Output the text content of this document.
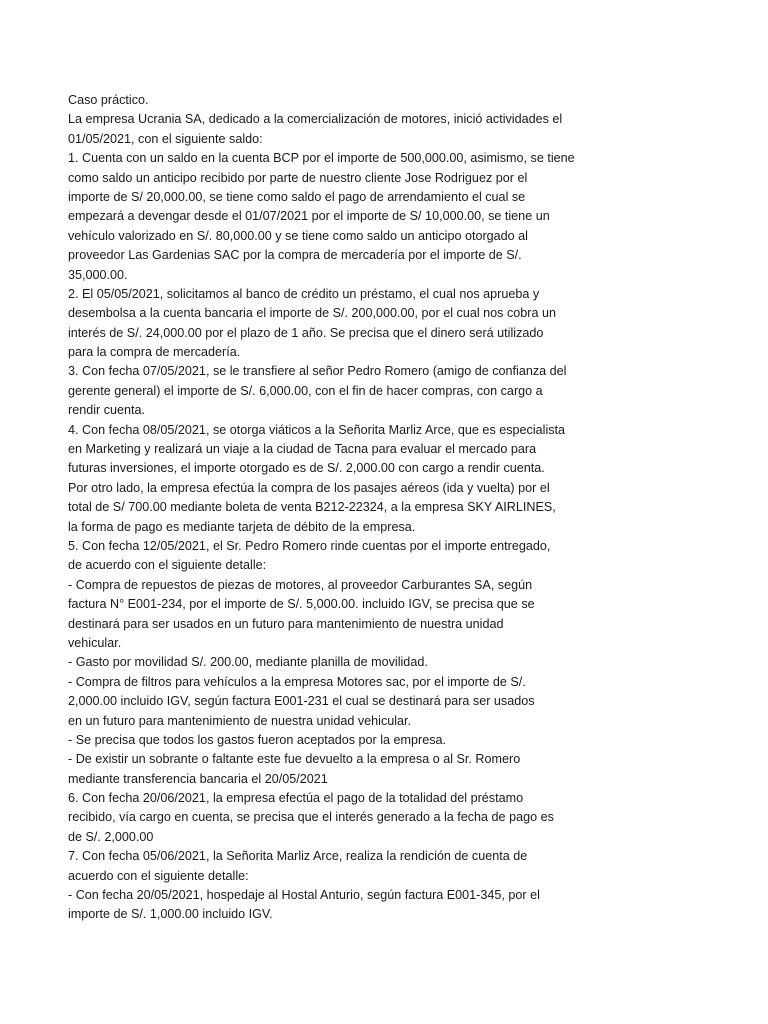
Caso práctico.
La empresa Ucrania SA, dedicado a la comercialización de motores, inició actividades el
01/05/2021, con el siguiente saldo:
1. Cuenta con un saldo en la cuenta BCP por el importe de 500,000.00, asimismo, se tiene
como saldo un anticipo recibido por parte de nuestro cliente Jose Rodriguez por el
importe de S/ 20,000.00, se tiene como saldo el pago de arrendamiento el cual se
empezará a devengar desde el 01/07/2021 por el importe de S/ 10,000.00, se tiene un
vehículo valorizado en S/. 80,000.00 y se tiene como saldo un anticipo otorgado al
proveedor Las Gardenias SAC por la compra de mercadería por el importe de S/.
35,000.00.
2. El 05/05/2021, solicitamos al banco de crédito un préstamo, el cual nos aprueba y
desembolsa a la cuenta bancaria el importe de S/. 200,000.00, por el cual nos cobra un
interés de S/. 24,000.00 por el plazo de 1 año. Se precisa que el dinero será utilizado
para la compra de mercadería.
3. Con fecha 07/05/2021, se le transfiere al señor Pedro Romero (amigo de confianza del
gerente general) el importe de S/. 6,000.00, con el fin de hacer compras, con cargo a
rendir cuenta.
4. Con fecha 08/05/2021, se otorga viáticos a la Señorita Marliz Arce, que es especialista
en Marketing y realizará un viaje a la ciudad de Tacna para evaluar el mercado para
futuras inversiones, el importe otorgado es de S/. 2,000.00 con cargo a rendir cuenta.
Por otro lado, la empresa efectúa la compra de los pasajes aéreos (ida y vuelta) por el
total de S/ 700.00 mediante boleta de venta B212-22324, a la empresa SKY AIRLINES,
la forma de pago es mediante tarjeta de débito de la empresa.
5. Con fecha 12/05/2021, el Sr. Pedro Romero rinde cuentas por el importe entregado,
de acuerdo con el siguiente detalle:
- Compra de repuestos de piezas de motores, al proveedor Carburantes SA, según
factura N° E001-234, por el importe de S/. 5,000.00. incluido IGV, se precisa que se
destinará para ser usados en un futuro para mantenimiento de nuestra unidad
vehicular.
- Gasto por movilidad S/. 200.00, mediante planilla de movilidad.
- Compra de filtros para vehículos a la empresa Motores sac, por el importe de S/.
2,000.00 incluido IGV, según factura E001-231 el cual se destinará para ser usados
en un futuro para mantenimiento de nuestra unidad vehicular.
- Se precisa que todos los gastos fueron aceptados por la empresa.
- De existir un sobrante o faltante este fue devuelto a la empresa o al Sr. Romero
mediante transferencia bancaria el 20/05/2021
6. Con fecha 20/06/2021, la empresa efectúa el pago de la totalidad del préstamo
recibido, vía cargo en cuenta, se precisa que el interés generado a la fecha de pago es
de S/. 2,000.00
7. Con fecha 05/06/2021, la Señorita Marliz Arce, realiza la rendición de cuenta de
acuerdo con el siguiente detalle:
- Con fecha 20/05/2021, hospedaje al Hostal Anturio, según factura E001-345, por el
importe de S/. 1,000.00 incluido IGV.
